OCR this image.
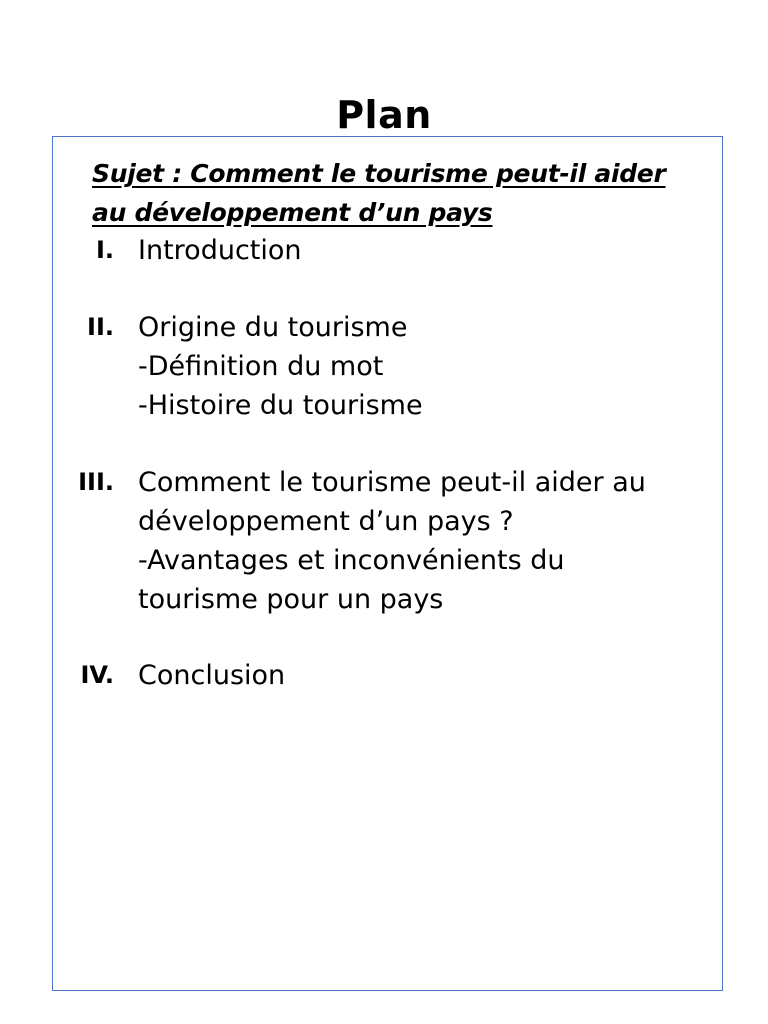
Plan
Sujet : Comment le tourisme peut-il aider
au développement d’un pays
I. Introduction
II. Origine du tourisme
-Définition du mot
-Histoire du tourisme
III. Comment le tourisme peut-il aider au
développement d’un pays ?
-Avantages et inconvénients du
tourisme pour un pays
IV. Conclusion
